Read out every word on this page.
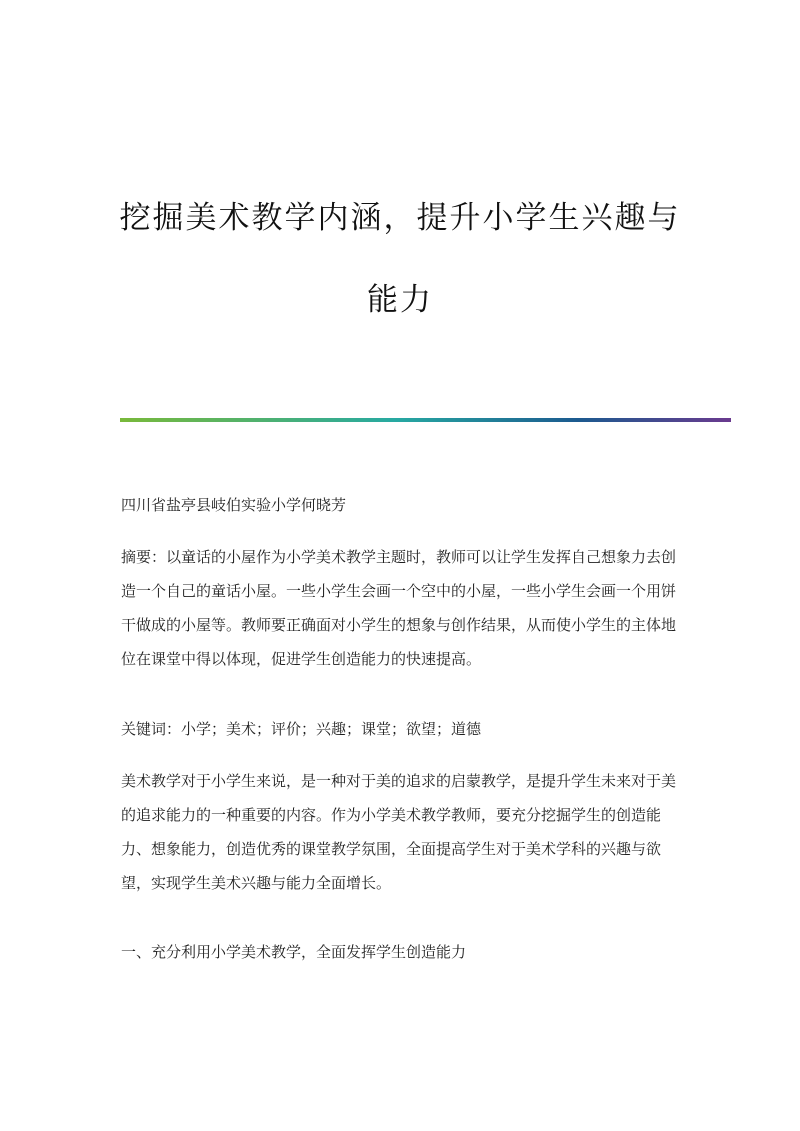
挖掘美术教学内涵，提升小学生兴趣与
能力

四川省盐亭县岐伯实验小学何晓芳

摘要：以童话的小屋作为小学美术教学主题时，教师可以让学生发挥自己想象力去创造一个自己的童话小屋。一些小学生会画一个空中的小屋，一些小学生会画一个用饼干做成的小屋等。教师要正确面对小学生的想象与创作结果，从而使小学生的主体地位在课堂中得以体现，促进学生创造能力的快速提高。

关键词：小学；美术；评价；兴趣；课堂；欲望；道德

美术教学对于小学生来说，是一种对于美的追求的启蒙教学，是提升学生未来对于美的追求能力的一种重要的内容。作为小学美术教学教师，要充分挖掘学生的创造能力、想象能力，创造优秀的课堂教学氛围，全面提高学生对于美术学科的兴趣与欲望，实现学生美术兴趣与能力全面增长。

一、充分利用小学美术教学，全面发挥学生创造能力
